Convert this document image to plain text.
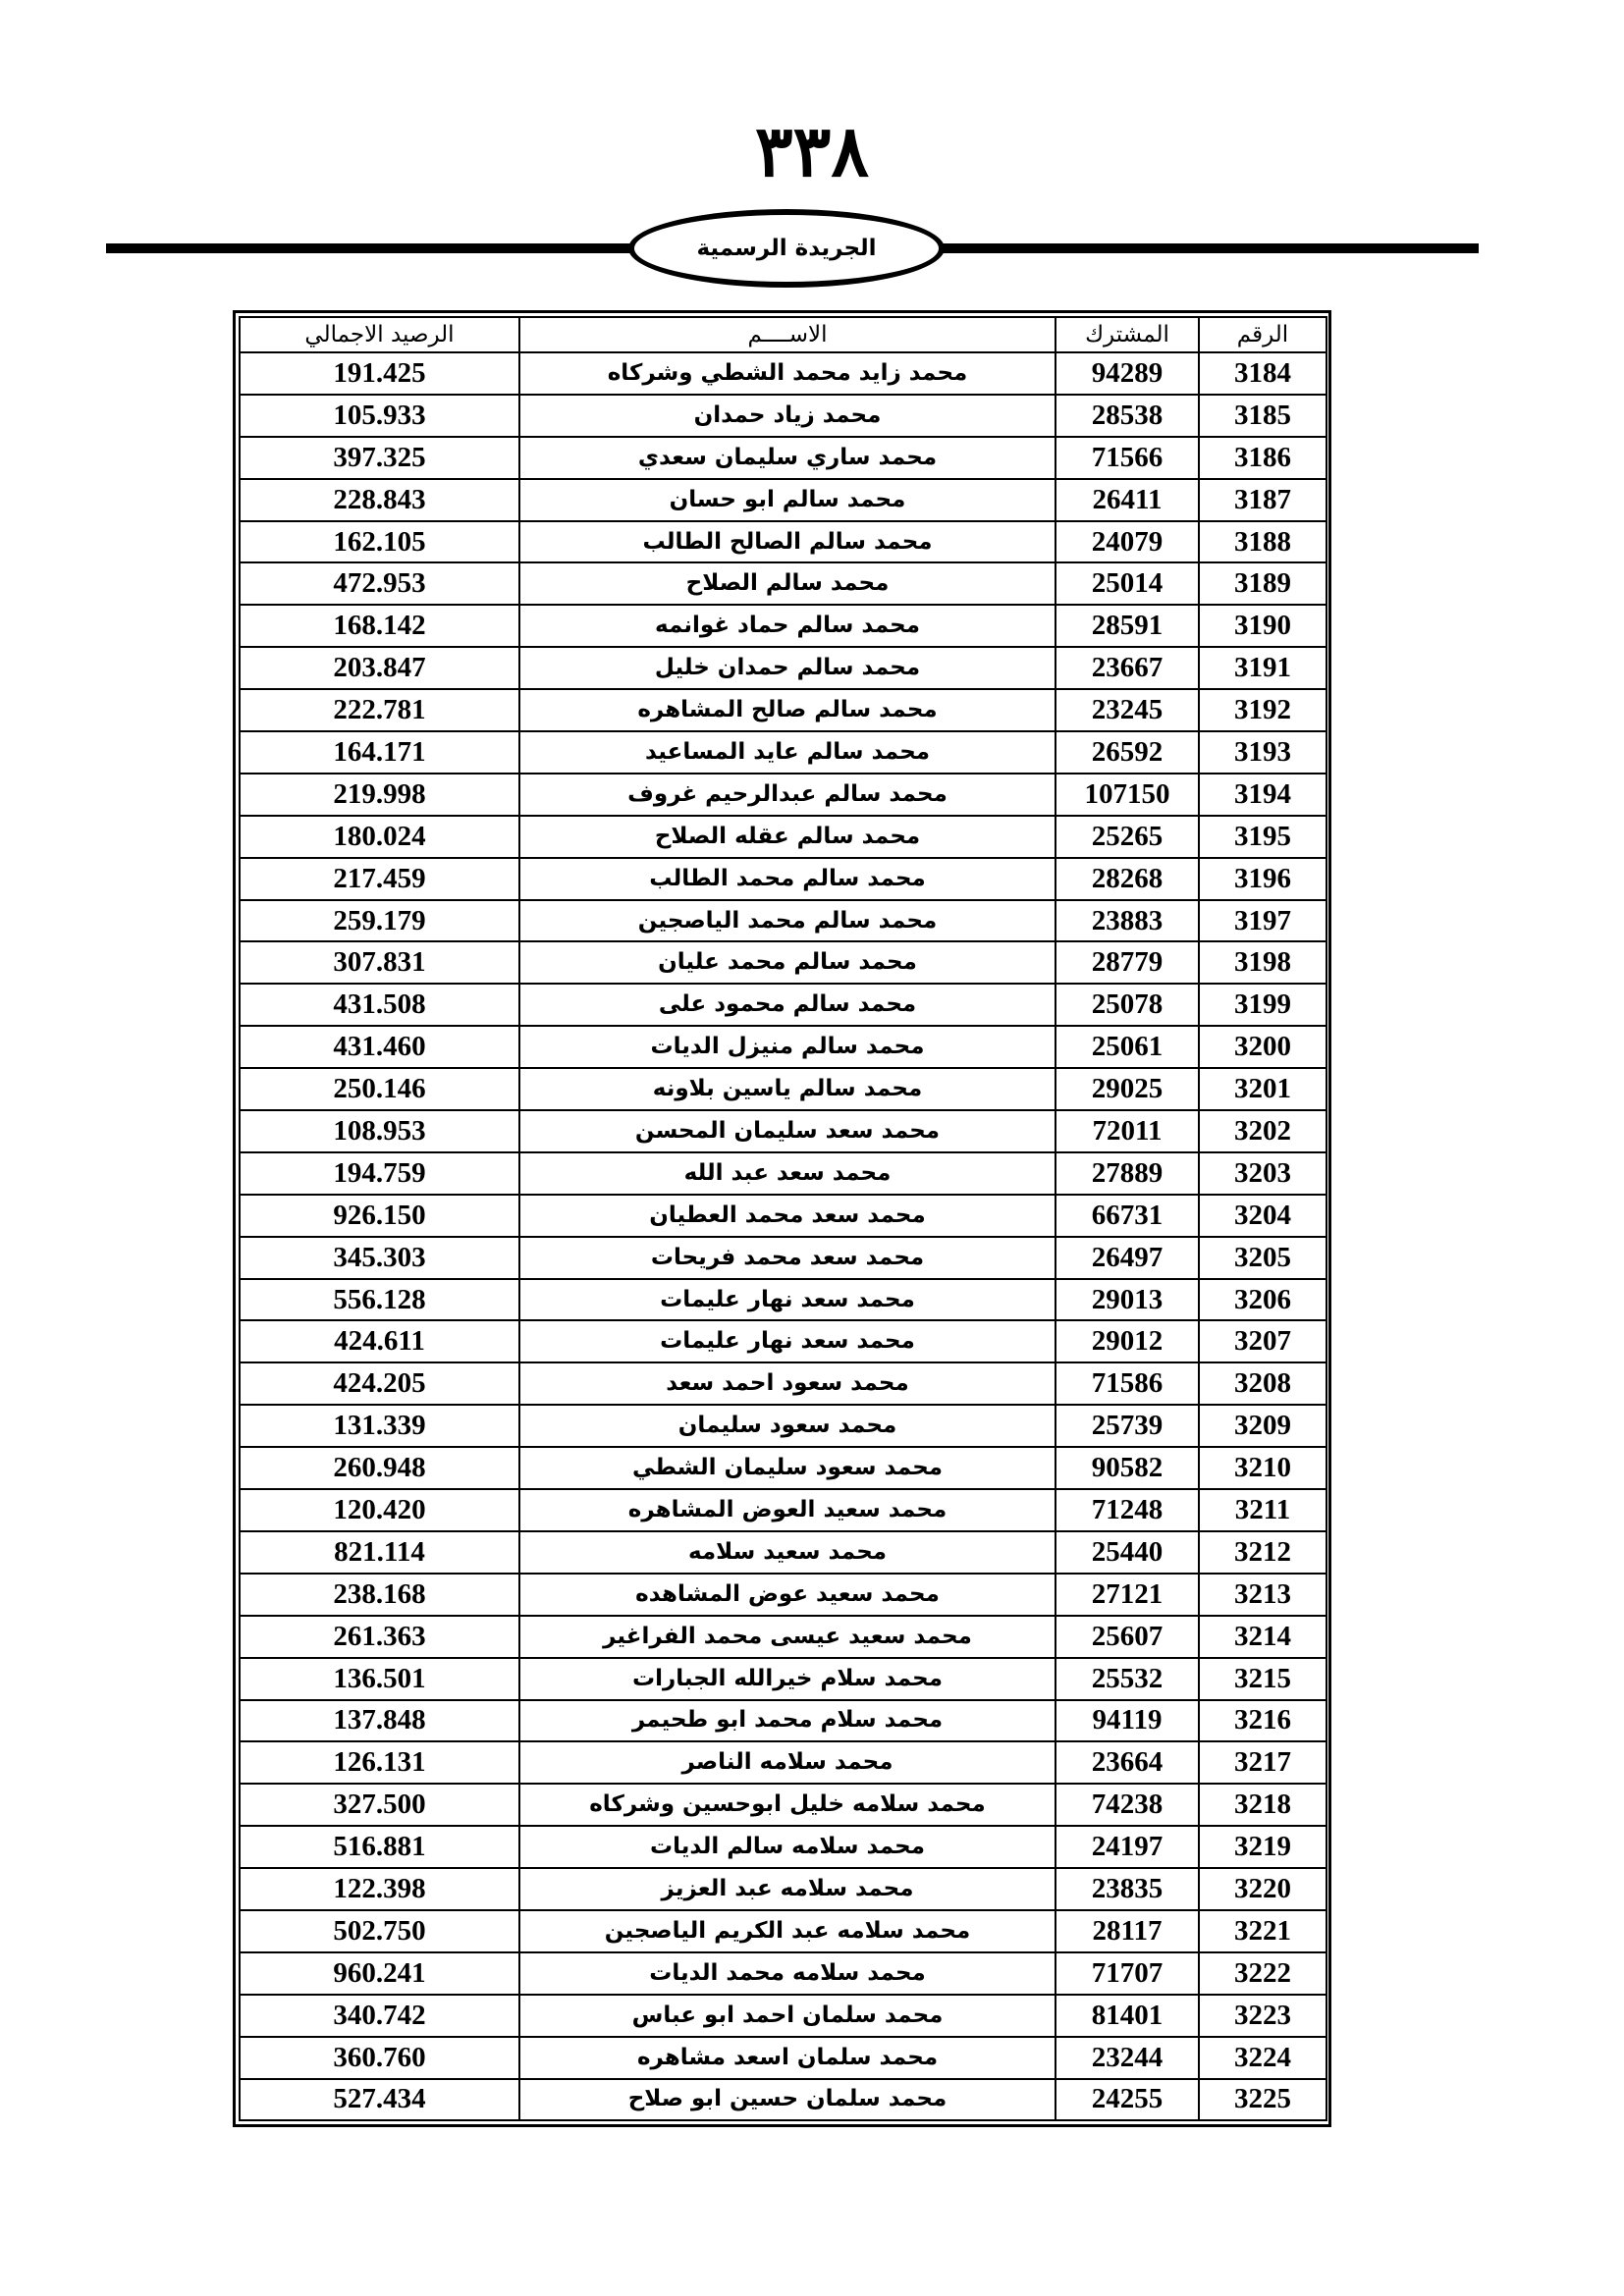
٣٣٨
الجريدة الرسمية
الرقم	المشترك	الاســــم	الرصيد الاجمالي
3184	94289	محمد زايد محمد الشطي وشركاه	191.425
3185	28538	محمد زياد حمدان	105.933
3186	71566	محمد ساري سليمان سعدي	397.325
3187	26411	محمد سالم ابو حسان	228.843
3188	24079	محمد سالم الصالح الطالب	162.105
3189	25014	محمد سالم الصلاح	472.953
3190	28591	محمد سالم حماد غوانمه	168.142
3191	23667	محمد سالم حمدان خليل	203.847
3192	23245	محمد سالم صالح المشاهره	222.781
3193	26592	محمد سالم عايد المساعيد	164.171
3194	107150	محمد سالم عبدالرحيم غروف	219.998
3195	25265	محمد سالم عقله الصلاح	180.024
3196	28268	محمد سالم محمد الطالب	217.459
3197	23883	محمد سالم محمد الياصجين	259.179
3198	28779	محمد سالم محمد عليان	307.831
3199	25078	محمد سالم محمود على	431.508
3200	25061	محمد سالم منيزل الديات	431.460
3201	29025	محمد سالم ياسين بلاونه	250.146
3202	72011	محمد سعد سليمان المحسن	108.953
3203	27889	محمد سعد عبد الله	194.759
3204	66731	محمد سعد محمد العطيان	926.150
3205	26497	محمد سعد محمد فريحات	345.303
3206	29013	محمد سعد نهار عليمات	556.128
3207	29012	محمد سعد نهار عليمات	424.611
3208	71586	محمد سعود احمد سعد	424.205
3209	25739	محمد سعود سليمان	131.339
3210	90582	محمد سعود سليمان الشطي	260.948
3211	71248	محمد سعيد العوض المشاهره	120.420
3212	25440	محمد سعيد سلامه	821.114
3213	27121	محمد سعيد عوض المشاهده	238.168
3214	25607	محمد سعيد عيسى محمد الفراغير	261.363
3215	25532	محمد سلام خيرالله الجبارات	136.501
3216	94119	محمد سلام محمد ابو طحيمر	137.848
3217	23664	محمد سلامه الناصر	126.131
3218	74238	محمد سلامه خليل ابوحسين وشركاه	327.500
3219	24197	محمد سلامه سالم الديات	516.881
3220	23835	محمد سلامه عبد العزيز	122.398
3221	28117	محمد سلامه عبد الكريم الياصجين	502.750
3222	71707	محمد سلامه محمد الديات	960.241
3223	81401	محمد سلمان احمد ابو عباس	340.742
3224	23244	محمد سلمان اسعد مشاهره	360.760
3225	24255	محمد سلمان حسين ابو صلاح	527.434
